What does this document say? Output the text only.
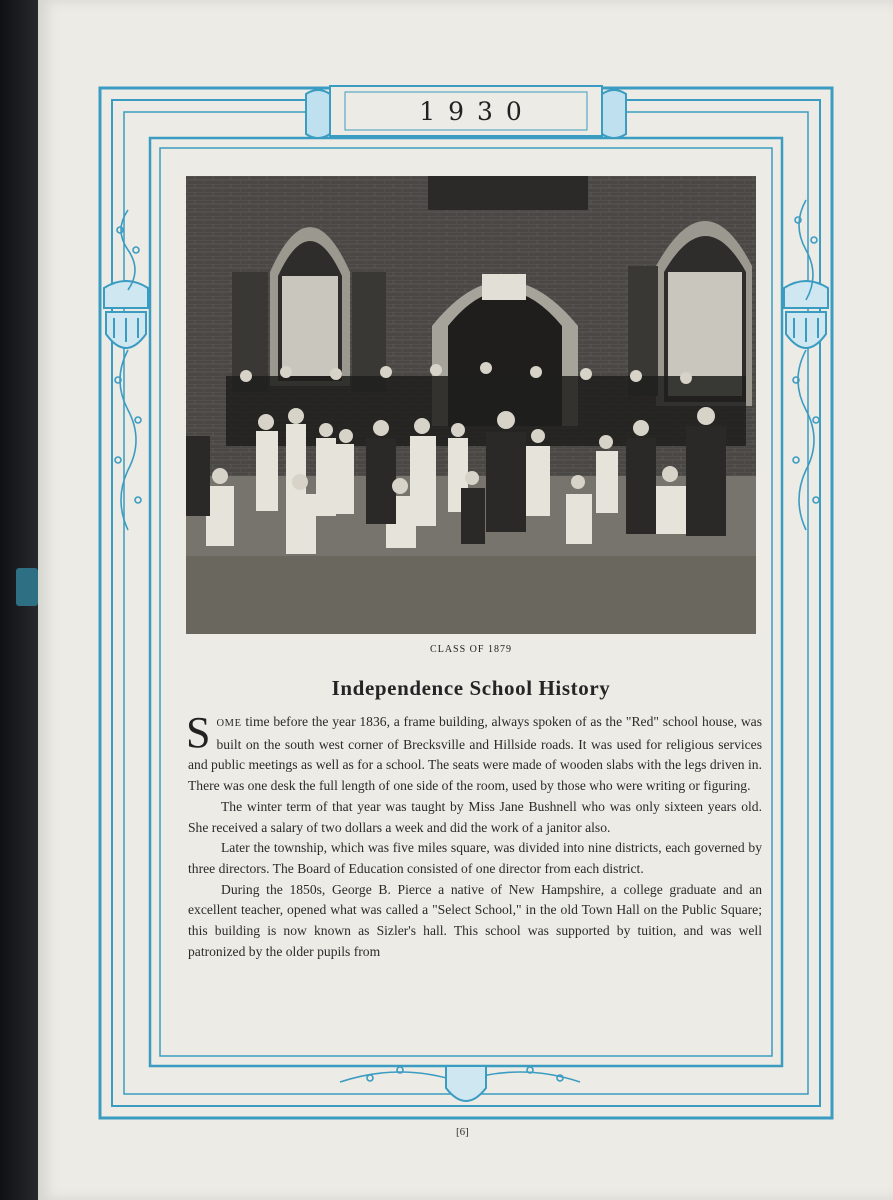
1930
CLASS OF 1879
Independence School History

SOME time before the year 1836, a frame building, always spoken of as the "Red" school house, was built on the south west corner of Brecksville and Hillside roads. It was used for religious services and public meetings as well as for a school. The seats were made of wooden slabs with the legs driven in. There was one desk the full length of one side of the room, used by those who were writing or figuring.

The winter term of that year was taught by Miss Jane Bushnell who was only sixteen years old. She received a salary of two dollars a week and did the work of a janitor also.

Later the township, which was five miles square, was divided into nine districts, each governed by three directors. The Board of Education consisted of one director from each district.

During the 1850s, George B. Pierce a native of New Hampshire, a college graduate and an excellent teacher, opened what was called a "Select School," in the old Town Hall on the Public Square; this building is now known as Sizler's hall. This school was supported by tuition, and was well patronized by the older pupils from

[6]
